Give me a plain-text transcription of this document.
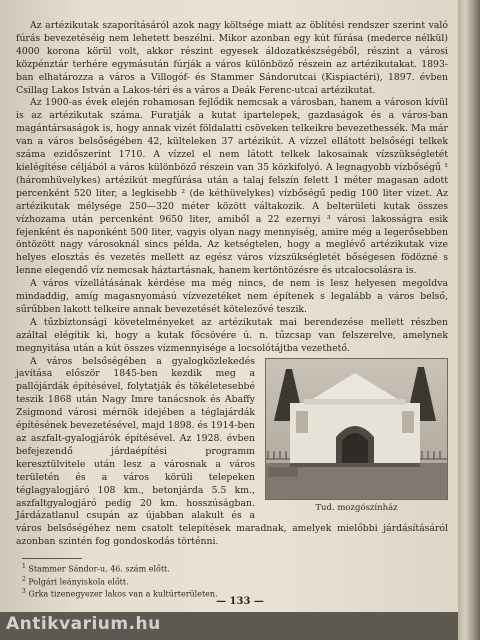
Az artézikutak szaporításáról azok nagy költsége miatt az öblítési rendszer szerint való fúrás bevezetéséig nem lehetett beszélni. Mikor azonban egy kút fúrása (mederce nélkül) 4000 korona körül volt, akkor részint egyesek áldozatkészségéből, részint a városi közpénztár terhére egymásután fúrják a város különböző részein az artézikutakat. 1893-ban elhatározza a város a Villogóf- és Stammer Sándorutcai (Kispiactéri), 1897. évben Csillag Lakos István a Lakos-téri és a város a Deák Ferenc-utcai artézikutat.

Az 1900-as évek elején rohamosan fejlődik nemcsak a városban, hanem a városon kívül is az artézikutak száma. Furatják a kutat ipartelepek, gazdaságok és a város-ban magántársaságok is, hogy annak vizét földalatti csöveken telkeikre bevezethessék. Ma már van a város belsőségében 42, külteleken 37 artézikút. A vízzel ellátott belsőségi telkek száma ezidőszerint 1710. A vízzel el nem látott telkek lakosainak vízszükségletét kielégítése céljából a város különböző részein van 35 közkifolyó. A legnagyobb vízbőségű ¹ (háromhüvelykes) artézikút megfúrása után a talaj felszín felett 1 méter magasan adott percenként 520 liter, a legkisebb ² (de kéthüvelykes) vízbőségű pedig 100 liter vizet. Az artézikutak mélysége 250—320 méter között váltakozik. A belterületi kutak összes vízhozama után percenként 9650 liter, amiből a 22 ezernyi ³ városi lakosságra esik fejenként és naponként 500 liter, vagyis olyan nagy mennyiség, amire még a legerősebben öntözött nagy városoknál sincs példa. Az ketségtelen, hogy a meglévő artézikutak vize helyes elosztás és vezetés mellett az egész város vízszükségletét bőségesen födözné s lenne elegendő víz nemcsak háztartásnak, hanem kertöntözésre és utcalocsolásra is.

A város vízellátásának kérdése ma még nincs, de nem is lesz helyesen megoldva mindaddig, amíg magasnyomású vízvezetéket nem építenek s legalább a város belső, sűrűbben lakott telkeire annak bevezetését kötelezővé teszik.

A tűzbiztonsági követelményeket az artézikutak mai berendezése mellett részben azáltal elégítik ki, hogy a kutak főcsövére ú. n. tűzcsap van felszerelve, amelynek megnyitása után a kút összes vízmennyisége a locsolótájtba vezethető.

Tud. mozgószínház

A város belsőségében a gyalogközlekedés javítása először 1845-ben kezdik meg a pallójárdák építésével, folytatják és tökéletesebbé teszik 1868 után Nagy Imre tanácsnok és Abaffy Zsigmond városi mérnök idejében a téglajárdák építésének bevezetésével, majd 1898. és 1914-ben az aszfalt-gyalogjárók építésével. Az 1928. évben befejezendő járdaépítési programm keresztülvitele után lesz a városnak a város területén és a város körüli telepeken téglagyalogjáró 108 km., betonjárda 5.5 km., aszfaltgyalogjáró pedig 20 km. hosszúságban. Járdázatlanul csupán az újabban alakult és a város belsőségéhez nem csatolt telepítések maradnak, amelyek mielőbbi járdásításáról azonban szintén fog gondoskodás történni.

$^1$ Stammer Sándor-u. 46. szám előtt.
$^2$ Polgári leányiskola előtt.
$^3$ Grka tizenegyezer lakos van a kultúrterületen.
— 133 —
Antikvarium.hu
